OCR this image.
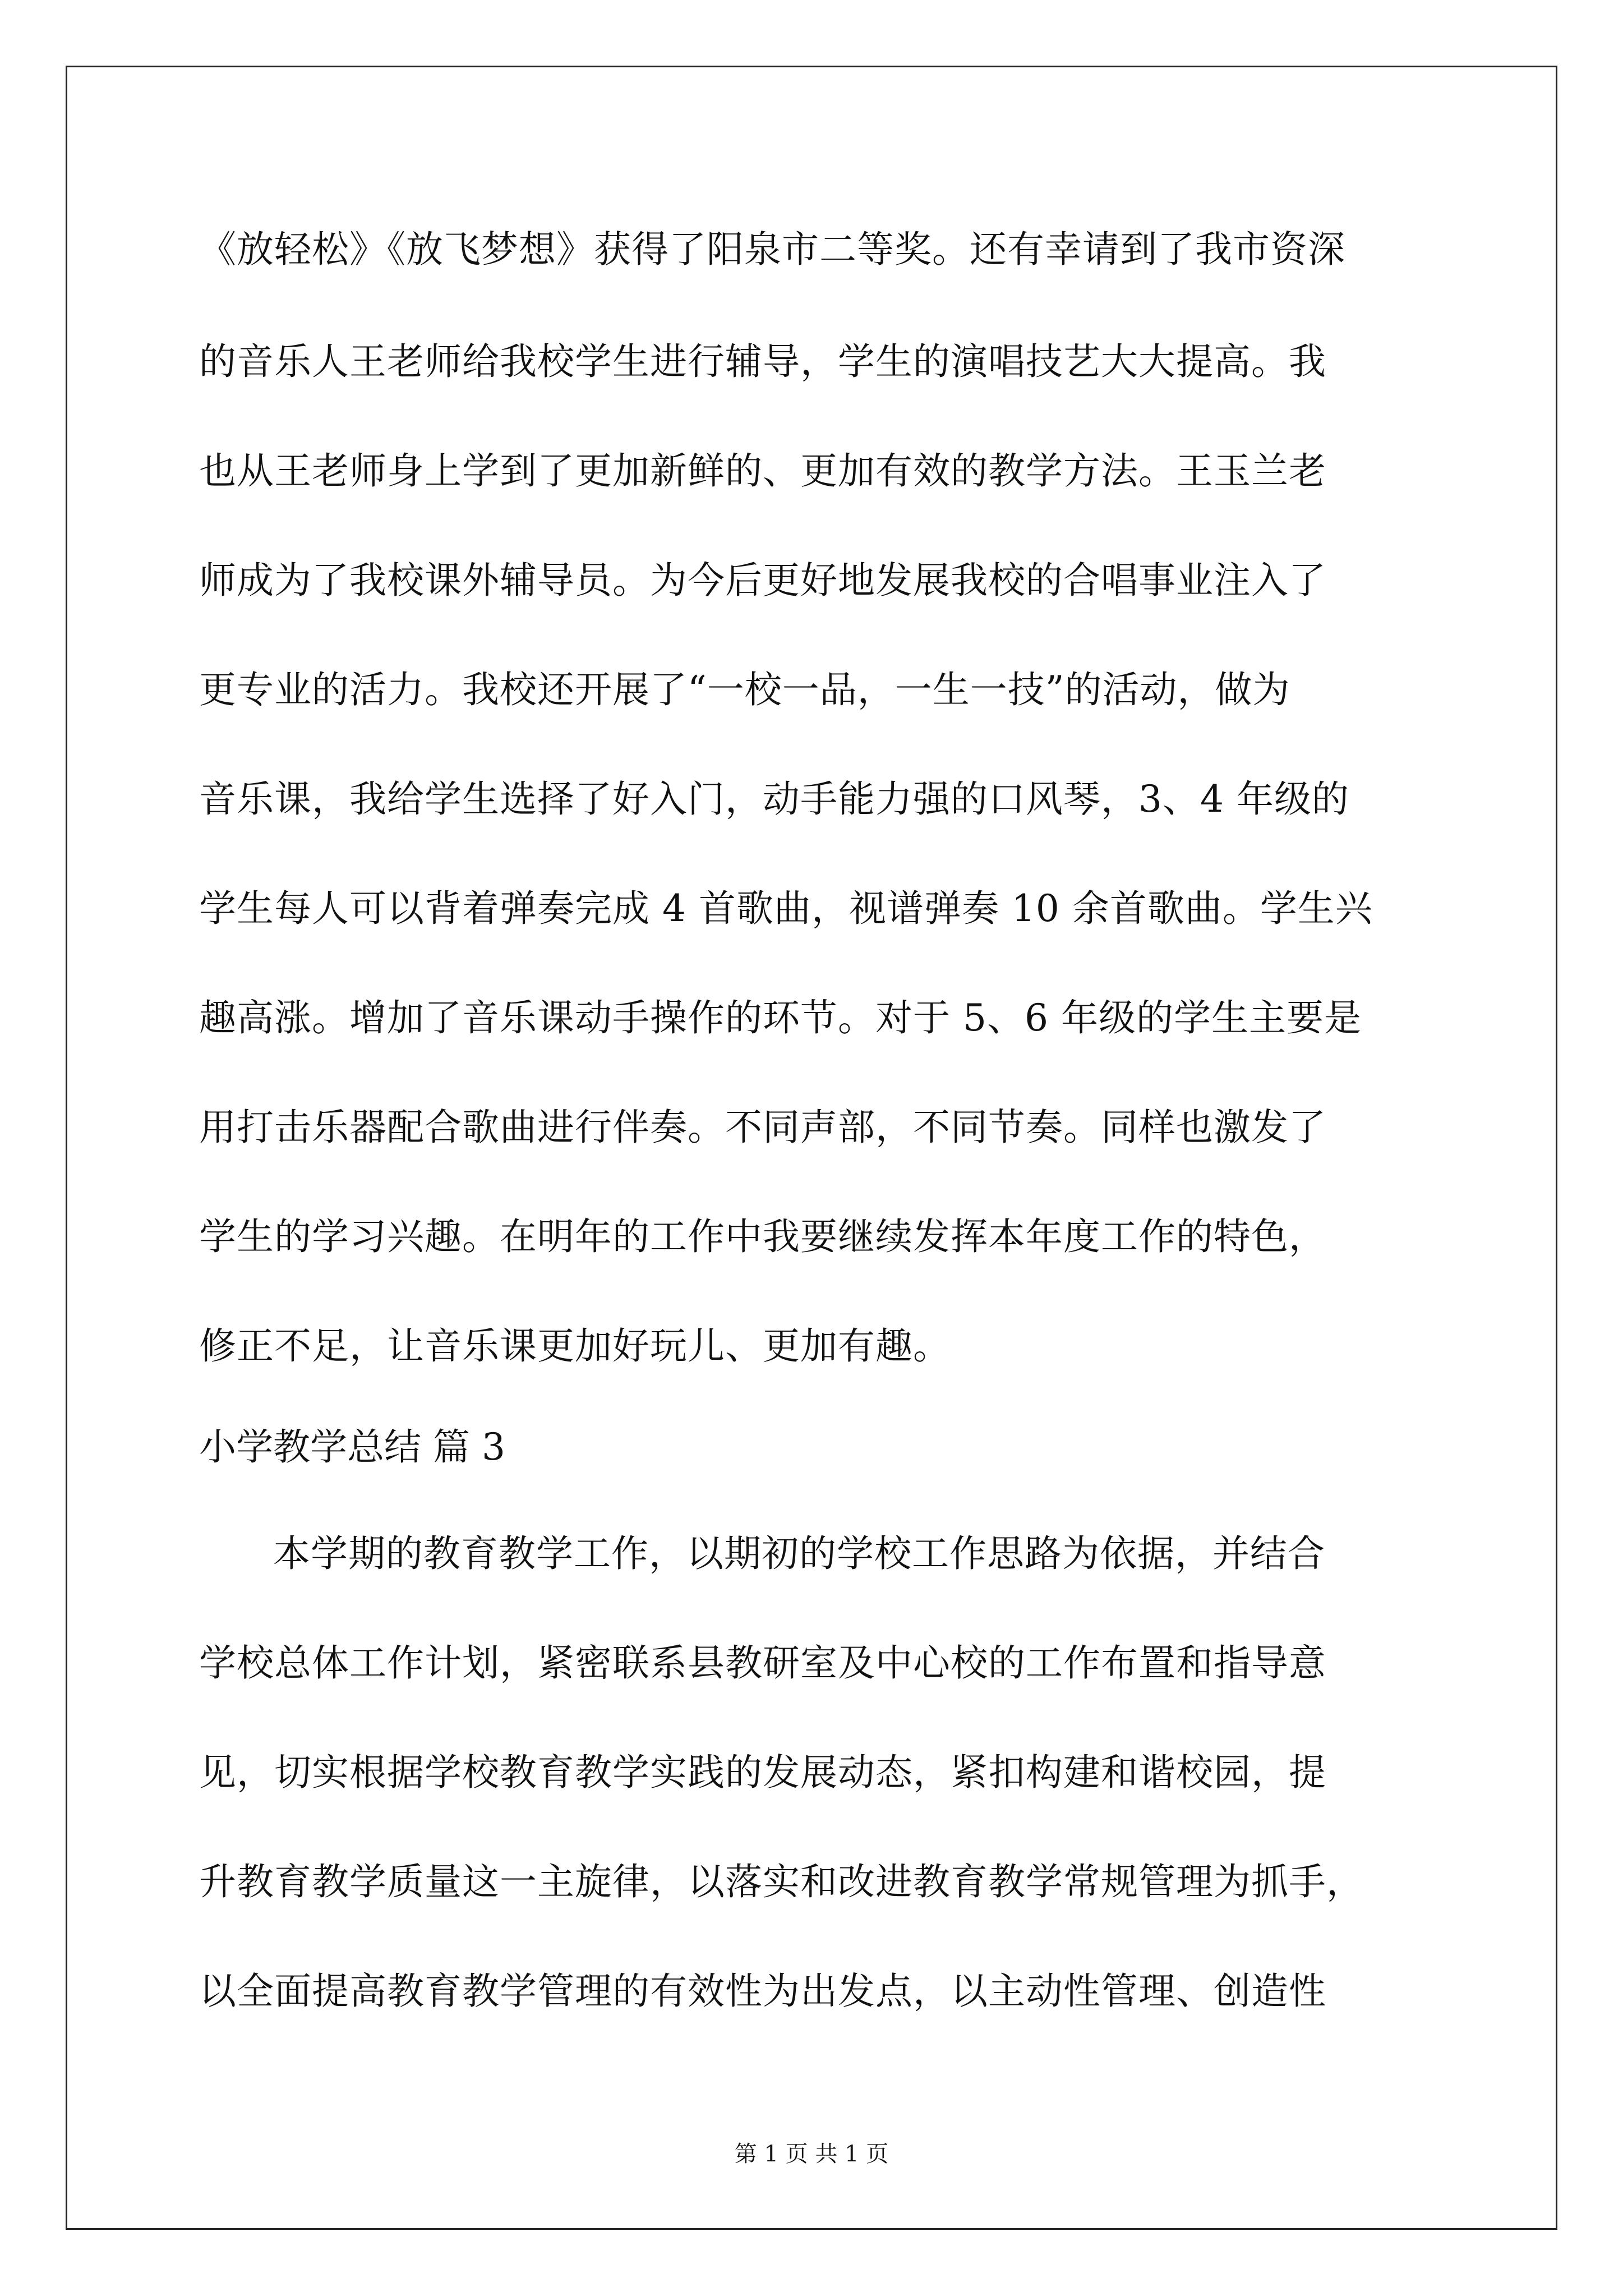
《放轻松》《放飞梦想》获得了阳泉市二等奖。还有幸请到了我市资深
的音乐人王老师给我校学生进行辅导，学生的演唱技艺大大提高。我
也从王老师身上学到了更加新鲜的、更加有效的教学方法。王玉兰老
师成为了我校课外辅导员。为今后更好地发展我校的合唱事业注入了
更专业的活力。我校还开展了“一校一品，一生一技”的活动，做为
音乐课，我给学生选择了好入门，动手能力强的口风琴，3、4 年级的
学生每人可以背着弹奏完成 4 首歌曲，视谱弹奏 10 余首歌曲。学生兴
趣高涨。增加了音乐课动手操作的环节。对于 5、6 年级的学生主要是
用打击乐器配合歌曲进行伴奏。不同声部，不同节奏。同样也激发了
学生的学习兴趣。在明年的工作中我要继续发挥本年度工作的特色，
修正不足，让音乐课更加好玩儿、更加有趣。
小学教学总结 篇 3
本学期的教育教学工作，以期初的学校工作思路为依据，并结合
学校总体工作计划，紧密联系县教研室及中心校的工作布置和指导意
见，切实根据学校教育教学实践的发展动态，紧扣构建和谐校园，提
升教育教学质量这一主旋律，以落实和改进教育教学常规管理为抓手，
以全面提高教育教学管理的有效性为出发点，以主动性管理、创造性
第 1 页 共 1 页
